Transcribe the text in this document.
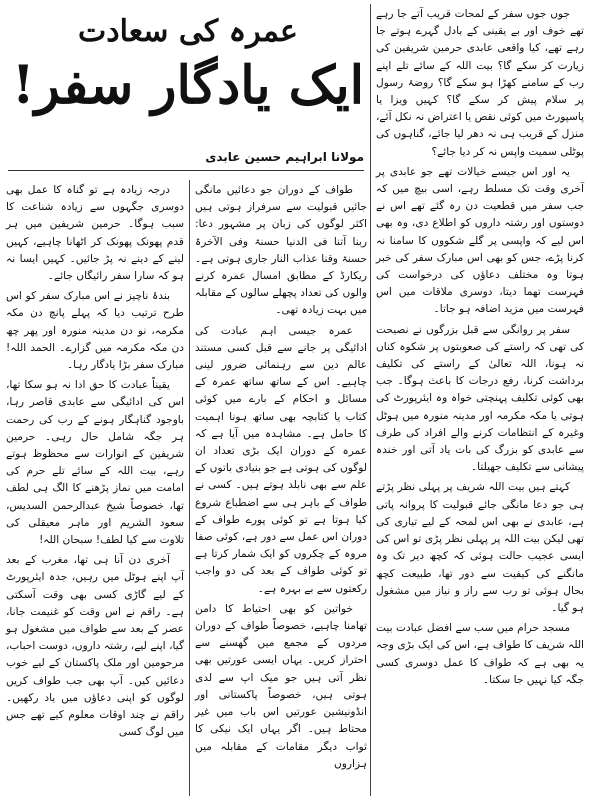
عمرہ کی سعادت
ایک یادگار سفر!
مولانا ابراہیم حسین عابدی

جوں جوں سفر کے لمحات قریب آتے جا رہے تھے خوف اور بے یقینی کے بادل گہرے ہوتے جا رہے تھے، کیا واقعی عابدی حرمین شریفین کی زیارت کر سکے گا؟ بیت اللہ کے سائے تلے اپنے رب کے سامنے کھڑا ہو سکے گا؟ روضۂ رسول پر سلام پیش کر سکے گا؟ کہیں ویزا یا پاسپورٹ میں کوئی نقص یا اعتراض نہ نکل آئے، منزل کے قریب ہی نہ دھر لیا جائے، گناہوں کی پوٹلی سمیت واپس نہ کر دیا جائے؟

یہ اور اس جیسے خیالات تھے جو عابدی پر آخری وقت تک مسلط رہے، اسی بیچ میں کہ جب سفر میں قطعیت دن رہ گئے تھے اس نے دوستوں اور رشتہ داروں کو اطلاع دی، وہ بھی اس لیے کہ واپسی پر گلے شکووں کا سامنا نہ کرنا پڑے، جس کو بھی اس مبارک سفر کی خبر ہوتا وہ مختلف دعاؤں کی درخواست کی فہرست تھما دیتا، دوسری ملاقات میں اس فہرست میں مزید اضافہ ہو جاتا۔

سفر پر روانگی سے قبل بزرگوں نے نصیحت کی تھی کہ راستے کی صعوبتوں پر شکوہ کناں نہ ہونا، اللہ تعالیٰ کے راستے کی تکلیف برداشت کرنا، رفع درجات کا باعث ہوگا۔ جب بھی کوئی تکلیف پہنچتی خواہ وہ ایئرپورٹ کی ہوتی یا مکہ مکرمہ اور مدینہ منورہ میں ہوٹل وغیرہ کے انتظامات کرنے والے افراد کی طرف سے عابدی کو بزرگ کی بات یاد آتی اور خندہ پیشانی سے تکلیف جھیلتا۔

کہتے ہیں بیت اللہ شریف پر پہلی نظر پڑتے ہی جو دعا مانگی جائے قبولیت کا پروانہ پاتی ہے، عابدی نے بھی اس لمحہ کے لیے تیاری کی تھی لیکن بیت اللہ پر پہلی نظر پڑی تو اس کی ایسی عجیب حالت ہوئی کہ کچھ دیر تک وہ مانگنے کی کیفیت سے دور تھا، طبیعت کچھ بحال ہوئی تو رب سے راز و نیاز میں مشغول ہو گیا۔

مسجد حرام میں سب سے افضل عبادت بیت اللہ شریف کا طواف ہے، اس کی ایک بڑی وجہ یہ بھی ہے کہ طواف کا عمل دوسری کسی جگہ کیا نہیں جا سکتا۔

طواف کے دوران جو دعائیں مانگی جائیں قبولیت سے سرفراز ہوتی ہیں اکثر لوگوں کی زبان پر مشہور دعا: ربنا آتنا فی الدنیا حسنۃ وفی الآخرۃ حسنۃ وقنا عذاب النار جاری ہوتی ہے۔ ریکارڈ کے مطابق امسال عمرہ کرنے والوں کی تعداد پچھلے سالوں کے مقابلہ میں بہت زیادہ تھی۔

عمرہ جیسی اہم عبادت کی ادائیگی پر جانے سے قبل کسی مستند عالم دین سے رہنمائی ضرور لینی چاہیے۔ اس کے ساتھ ساتھ عمرہ کے مسائل و احکام کے بارے میں کوئی کتاب یا کتابچہ بھی ساتھ ہونا اہمیت کا حامل ہے۔ مشاہدہ میں آیا ہے کہ عمرہ کے دوران ایک بڑی تعداد ان لوگوں کی ہوتی ہے جو بنیادی باتوں کے علم سے بھی نابلد ہوتے ہیں۔ کسی نے طواف کے باہر ہی سے اضطباع شروع کیا ہوتا ہے تو کوئی پورے طواف کے دوران اس عمل سے دور ہے، کوئی صفا مروہ کے چکروں کو ایک شمار کرتا ہے تو کوئی طواف کے بعد کی دو واجب رکعتوں سے بے بہرہ ہے۔

خواتین کو بھی احتیاط کا دامن تھامنا چاہیے، خصوصاً طواف کے دوران مردوں کے مجمع میں گھسنے سے احتراز کریں۔ یہاں ایسی عورتیں بھی نظر آتی ہیں جو میک اپ سے لدی ہوتی ہیں، خصوصاً پاکستانی اور انڈونیشین عورتیں اس باب میں غیر محتاط ہیں۔ اگر یہاں ایک نیکی کا ثواب دیگر مقامات کے مقابلہ میں ہزاروں

درجہ زیادہ ہے تو گناہ کا عمل بھی دوسری جگہوں سے زیادہ شناعت کا سبب ہوگا۔ حرمین شریفین میں ہر قدم پھونک پھونک کر اٹھانا چاہیے، کہیں لینے کے دینے نہ پڑ جائیں۔ کہیں ایسا نہ ہو کہ سارا سفر رائیگاں جائے۔

بندۂ ناچیز نے اس مبارک سفر کو اس طرح ترتیب دیا کہ پہلے پانچ دن مکہ مکرمہ، نو دن مدینہ منورہ اور پھر چھ دن مکہ مکرمہ میں گزارے۔ الحمد اللہ! مبارک سفر بڑا یادگار رہا۔

یقیناً عبادت کا حق ادا نہ ہو سکا تھا، اس کی ادائیگی سے عابدی قاصر رہا، باوجود گناہگار ہونے کے رب کی رحمت ہر جگہ شامل حال رہی۔ حرمین شریفین کے انوارات سے محظوظ ہوتے رہے، بیت اللہ کے سائے تلے حرم کی امامت میں نماز پڑھنے کا الگ ہی لطف تھا، خصوصاً شیخ عبدالرحمن السدیس، سعود الشریم اور ماہر معیقلی کی تلاوت سے کیا لطف! سبحان اللہ!

آخری دن آنا ہی تھا، مغرب کے بعد آپ اپنے ہوٹل میں رہیں، جدہ ایئرپورٹ کے لیے گاڑی کسی بھی وقت آسکتی ہے۔ راقم نے اس وقت کو غنیمت جانا، عصر کے بعد سے طواف میں مشغول ہو گیا، اپنے لیے، رشتہ داروں، دوست احباب، مرحومین اور ملک پاکستان کے لیے خوب دعائیں کیں۔ آپ بھی جب طواف کریں لوگوں کو اپنی دعاؤں میں یاد رکھیں۔ راقم نے چند اوقات معلوم کیے تھے جس میں لوگ کسی
